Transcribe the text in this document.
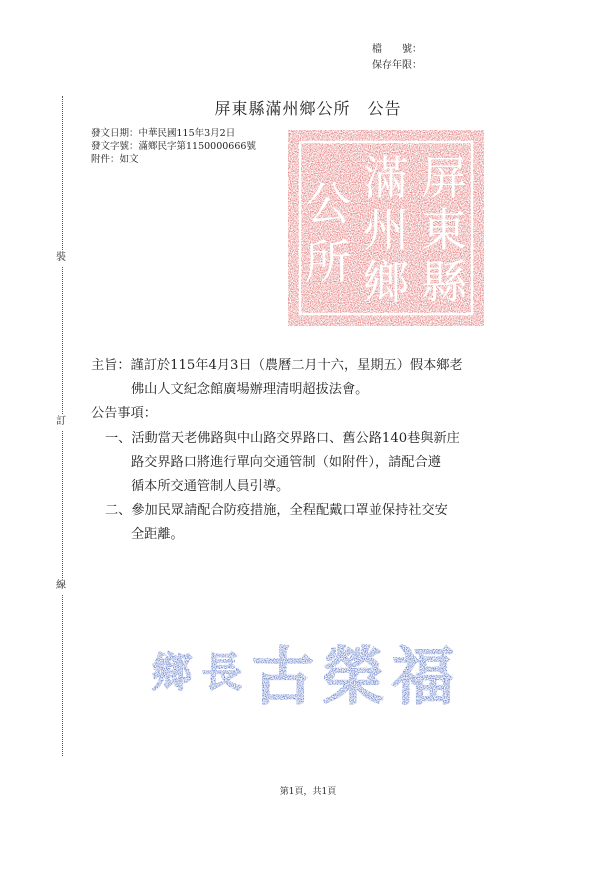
檔　　號：
保存年限：
裝
訂
線
屏東縣滿州鄉公所　公告
發文日期：中華民國115年3月2日
發文字號：滿鄉民字第1150000666號
附件：如文	屏
東
縣
滿
州
鄉
公
所
主旨：謹訂於115年4月3日（農曆二月十六，星期五）假本鄉老
佛山人文紀念館廣場辦理清明超拔法會。
公告事項：
一、活動當天老佛路與中山路交界路口、舊公路140巷與新庄
路交界路口將進行單向交通管制（如附件），請配合遵
循本所交通管制人員引導。
二、參加民眾請配合防疫措施，全程配戴口罩並保持社交安
全距離。
鄉 長 古 榮 福
第1頁，共1頁
